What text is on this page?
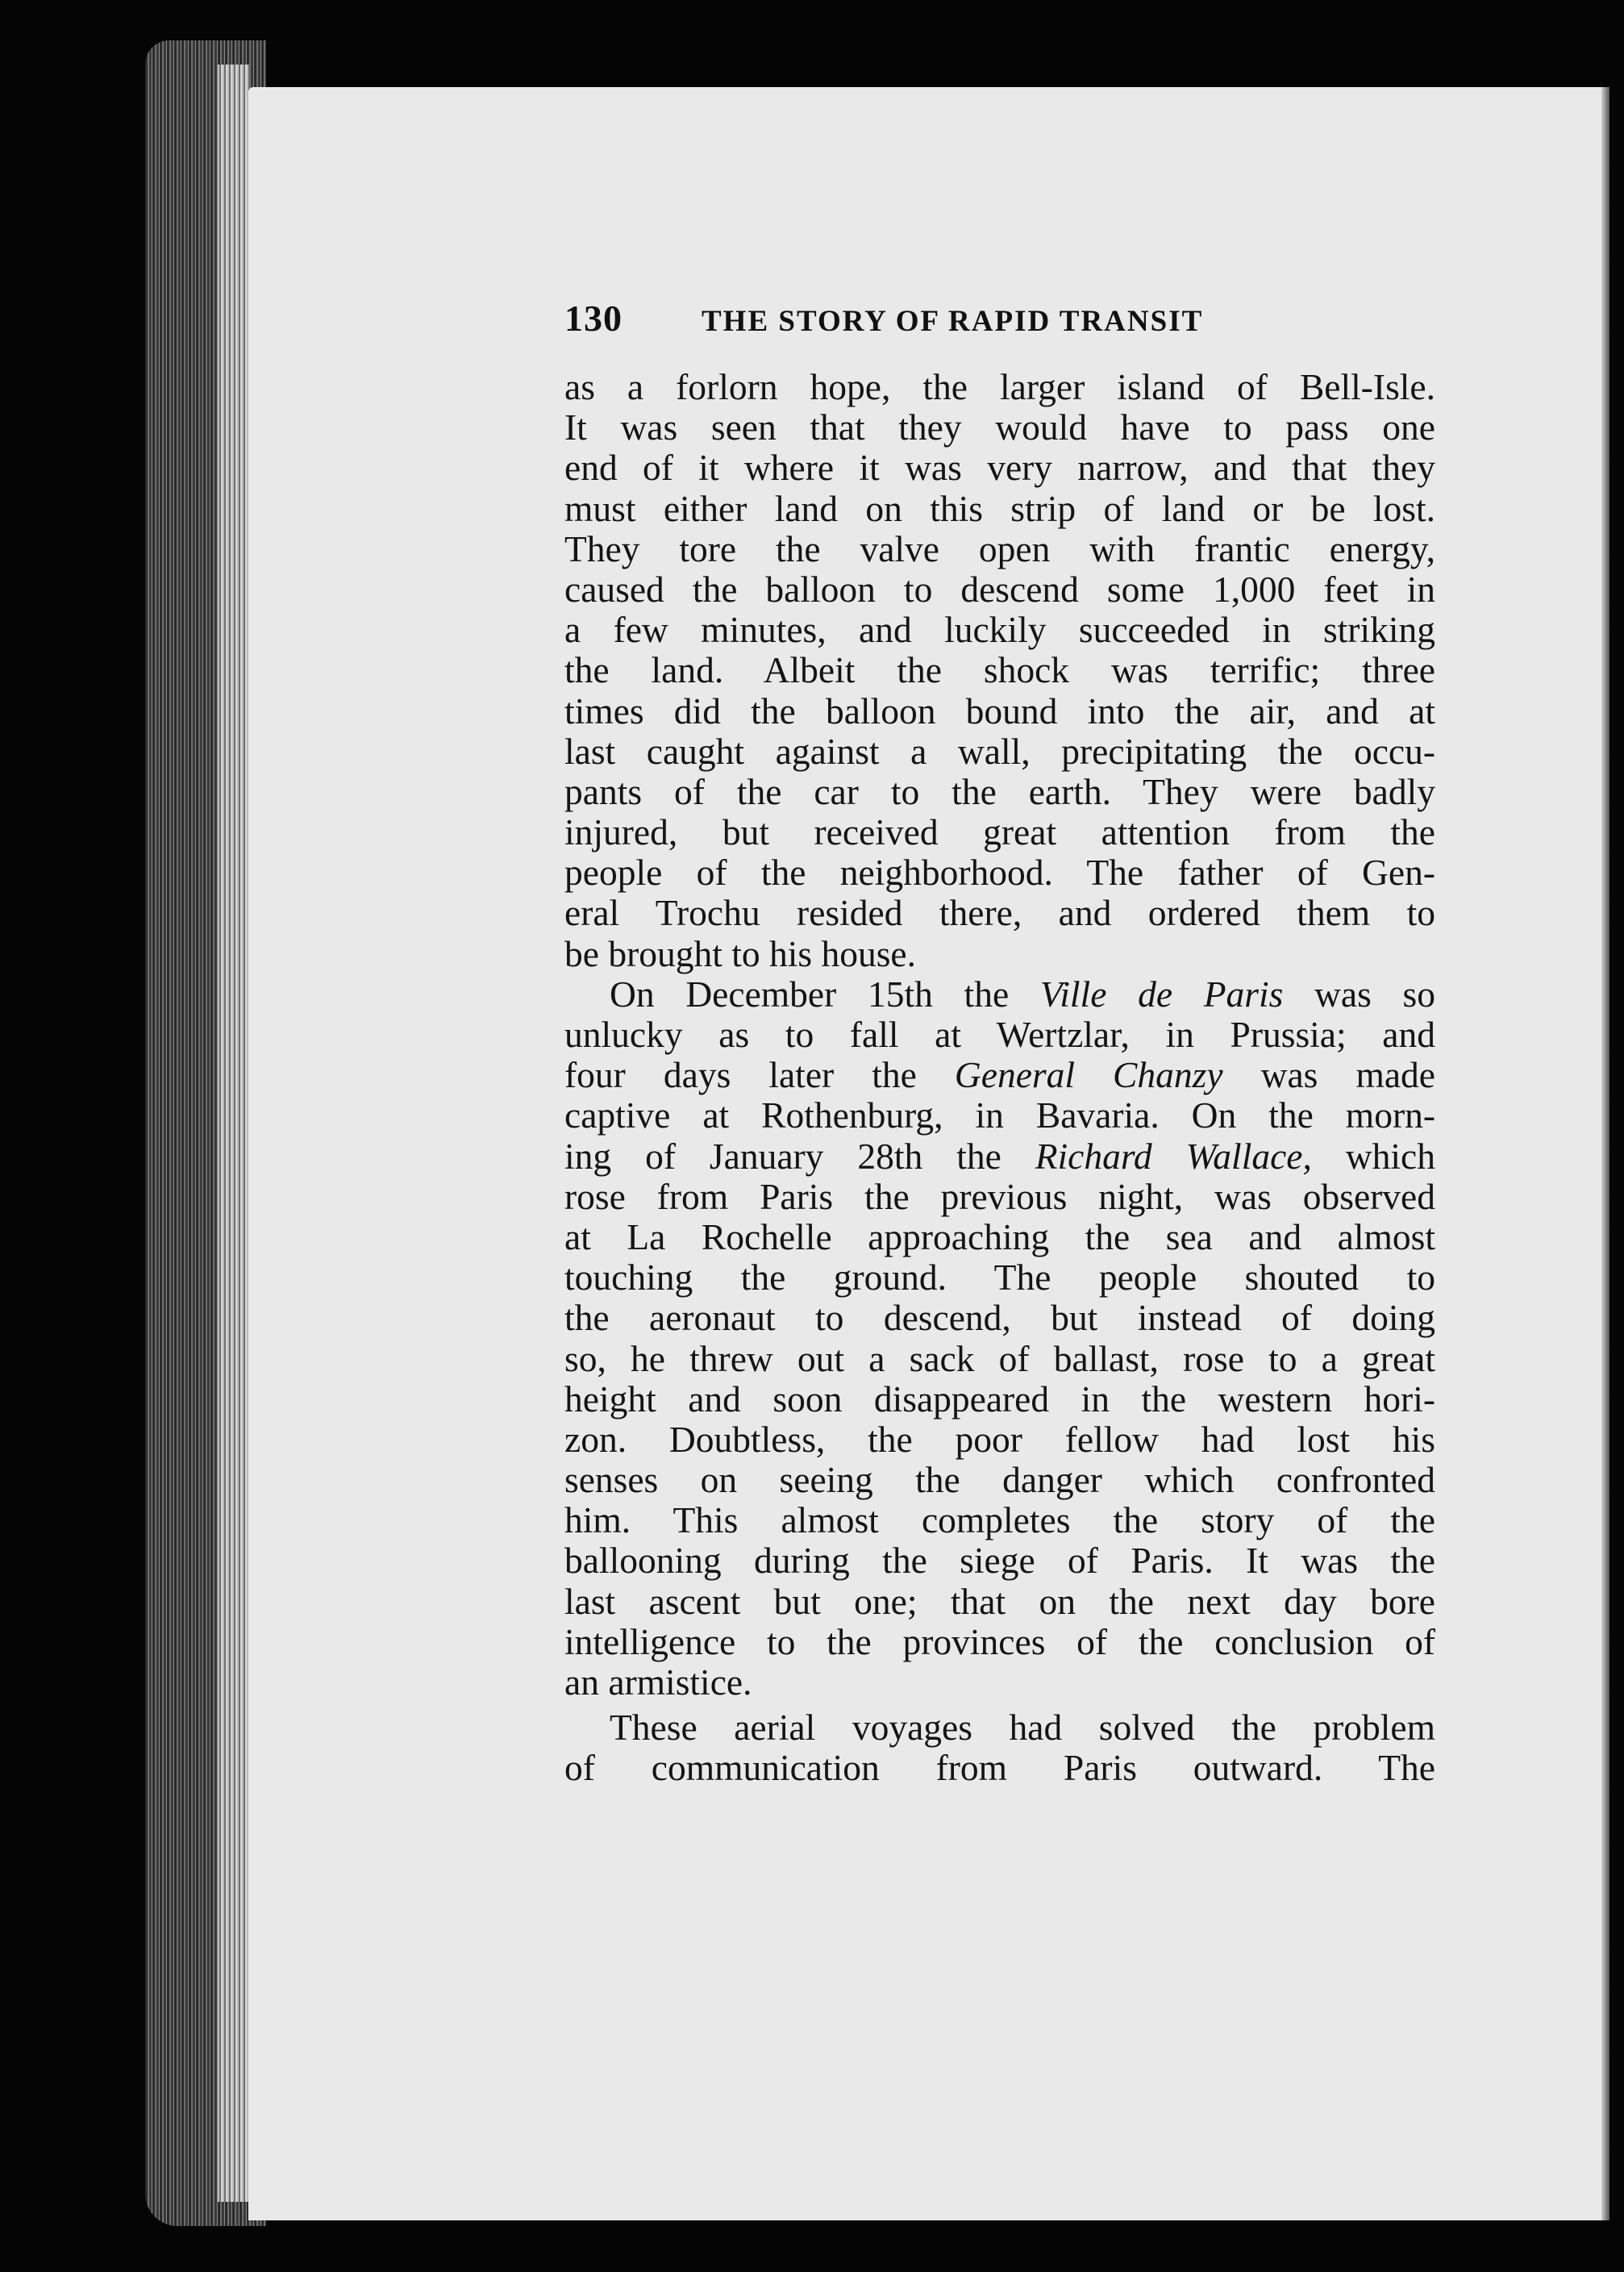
130	THE STORY OF RAPID TRANSIT
as a forlorn hope, the larger island of Bell-Isle.
It was seen that they would have to pass one
end of it where it was very narrow, and that they
must either land on this strip of land or be lost.
They tore the valve open with frantic energy,
caused the balloon to descend some 1,000 feet in
a few minutes, and luckily succeeded in striking
the land. Albeit the shock was terrific; three
times did the balloon bound into the air, and at
last caught against a wall, precipitating the occu-
pants of the car to the earth. They were badly
injured, but received great attention from the
people of the neighborhood. The father of Gen-
eral Trochu resided there, and ordered them to
be brought to his house.
On December 15th the Ville de Paris was so
unlucky as to fall at Wertzlar, in Prussia; and
four days later the General Chanzy was made
captive at Rothenburg, in Bavaria. On the morn-
ing of January 28th the Richard Wallace, which
rose from Paris the previous night, was observed
at La Rochelle approaching the sea and almost
touching the ground. The people shouted to
the aeronaut to descend, but instead of doing
so, he threw out a sack of ballast, rose to a great
height and soon disappeared in the western hori-
zon. Doubtless, the poor fellow had lost his
senses on seeing the danger which confronted
him. This almost completes the story of the
ballooning during the siege of Paris. It was the
last ascent but one; that on the next day bore
intelligence to the provinces of the conclusion of
an armistice.
These aerial voyages had solved the problem
of communication from Paris outward. The
